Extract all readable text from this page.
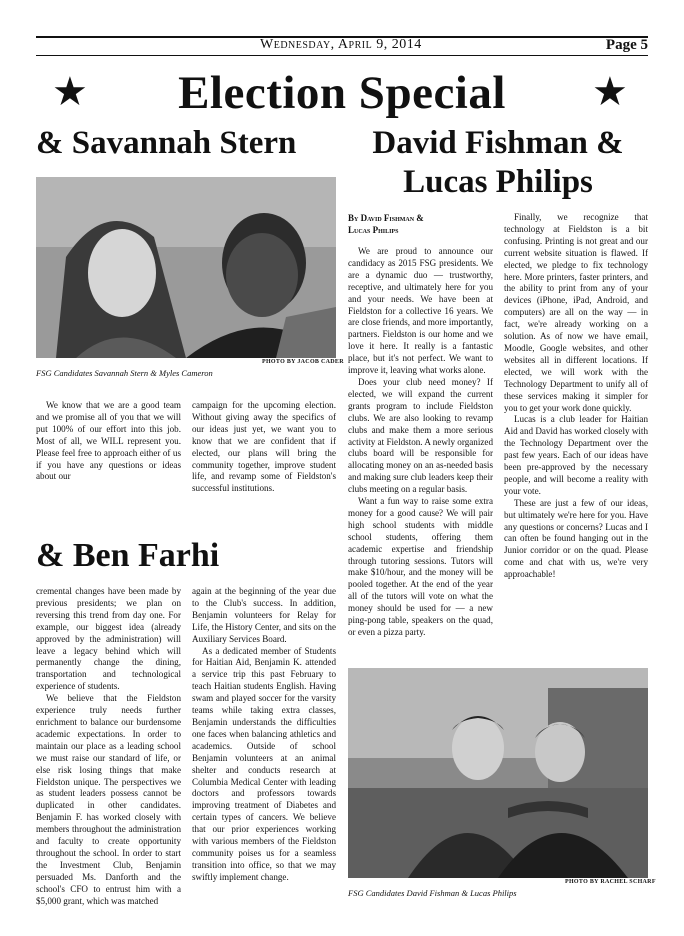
Wednesday, April 9, 2014	Page 5
★	Election Special	★
& Savannah Stern
PHOTO BY JACOB CADER
FSG Candidates Savannah Stern & Myles Cameron

We know that we are a good team and we promise all of you that we will put 100% of our effort into this job. Most of all, we WILL represent you. Please feel free to approach either of us if you have any questions or ideas about our

campaign for the upcoming election. Without giving away the specifics of our ideas just yet, we want you to know that we are confident that if elected, our plans will bring the community together, improve student life, and revamp some of Fieldston's successful institutions.

& Ben Farhi

cremental changes have been made by previous presidents; we plan on reversing this trend from day one. For example, our biggest idea (already approved by the administration) will leave a legacy behind which will permanently change the dining, transportation and technological experience of students.

We believe that the Fieldston experience truly needs further enrichment to balance our burdensome academic expectations. In order to maintain our place as a leading school we must raise our standard of life, or else risk losing things that make Fieldston unique. The perspectives we as student leaders possess cannot be duplicated in other candidates. Benjamin F. has worked closely with members throughout the administration and faculty to create opportunity throughout the school. In order to start the Investment Club, Benjamin persuaded Ms. Danforth and the school's CFO to entrust him with a $5,000 grant, which was matched

again at the beginning of the year due to the Club's success. In addition, Benjamin volunteers for Relay for Life, the History Center, and sits on the Auxiliary Services Board.

As a dedicated member of Students for Haitian Aid, Benjamin K. attended a service trip this past February to teach Haitian students English. Having swam and played soccer for the varsity teams while taking extra classes, Benjamin understands the difficulties one faces when balancing athletics and academics. Outside of school Benjamin volunteers at an animal shelter and conducts research at Columbia Medical Center with leading doctors and professors towards improving treatment of Diabetes and certain types of cancers. We believe that our prior experiences working with various members of the Fieldston community poises us for a seamless transition into office, so that we may swiftly implement change.

David Fishman &
Lucas Philips
By David Fishman &
Lucas Philips

We are proud to announce our candidacy as 2015 FSG presidents. We are a dynamic duo — trustworthy, receptive, and ultimately here for you and your needs. We have been at Fieldston for a collective 16 years. We are close friends, and more importantly, partners. Fieldston is our home and we love it here. It really is a fantastic place, but it's not perfect. We want to improve it, leaving what works alone.

Does your club need money? If elected, we will expand the current grants program to include Fieldston clubs. We are also looking to revamp clubs and make them a more serious activity at Fieldston. A newly organized clubs board will be responsible for allocating money on an as-needed basis and making sure club leaders keep their clubs meeting on a regular basis.

Want a fun way to raise some extra money for a good cause? We will pair high school students with middle school students, offering them academic expertise and friendship through tutoring sessions. Tutors will make $10/hour, and the money will be pooled together. At the end of the year all of the tutors will vote on what the money should be used for — a new ping-pong table, speakers on the quad, or even a pizza party.

Finally, we recognize that technology at Fieldston is a bit confusing. Printing is not great and our current website situation is flawed. If elected, we pledge to fix technology here. More printers, faster printers, and the ability to print from any of your devices (iPhone, iPad, Android, and computers) are all on the way — in fact, we're already working on a solution. As of now we have email, Moodle, Google websites, and other websites all in different locations. If elected, we will work with the Technology Department to unify all of these services making it simpler for you to get your work done quickly.

Lucas is a club leader for Haitian Aid and David has worked closely with the Technology Department over the past few years. Each of our ideas have been pre-approved by the necessary people, and will become a reality with your vote.

These are just a few of our ideas, but ultimately we're here for you. Have any questions or concerns? Lucas and I can often be found hanging out in the Junior corridor or on the quad. Please come and chat with us, we're very approachable!

PHOTO BY RACHEL SCHARF
FSG Candidates David Fishman & Lucas Philips
